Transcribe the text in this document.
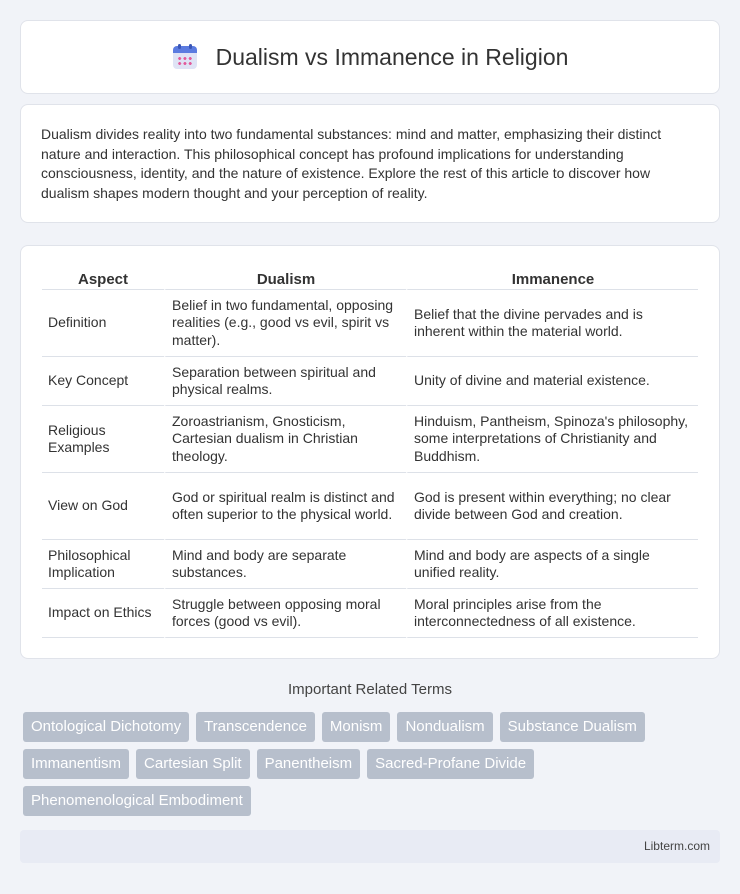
Dualism vs Immanence in Religion

Dualism divides reality into two fundamental substances: mind and matter, emphasizing their distinct nature and interaction. This philosophical concept has profound implications for understanding consciousness, identity, and the nature of existence. Explore the rest of this article to discover how dualism shapes modern thought and your perception of reality.

Aspect	Dualism	Immanence
Definition	Belief in two fundamental, opposing realities (e.g., good vs evil, spirit vs matter).	Belief that the divine pervades and is inherent within the material world.
Key Concept	Separation between spiritual and physical realms.	Unity of divine and material existence.
Religious Examples	Zoroastrianism, Gnosticism, Cartesian dualism in Christian theology.	Hinduism, Pantheism, Spinoza's philosophy, some interpretations of Christianity and Buddhism.
View on God	God or spiritual realm is distinct and often superior to the physical world.	God is present within everything; no clear divide between God and creation.
Philosophical Implication	Mind and body are separate substances.	Mind and body are aspects of a single unified reality.
Impact on Ethics	Struggle between opposing moral forces (good vs evil).	Moral principles arise from the interconnectedness of all existence.
Important Related Terms
Ontological Dichotomy	Transcendence	Monism	Nondualism	Substance Dualism
Immanentism	Cartesian Split	Panentheism	Sacred-Profane Divide
Phenomenological Embodiment
Libterm.com
